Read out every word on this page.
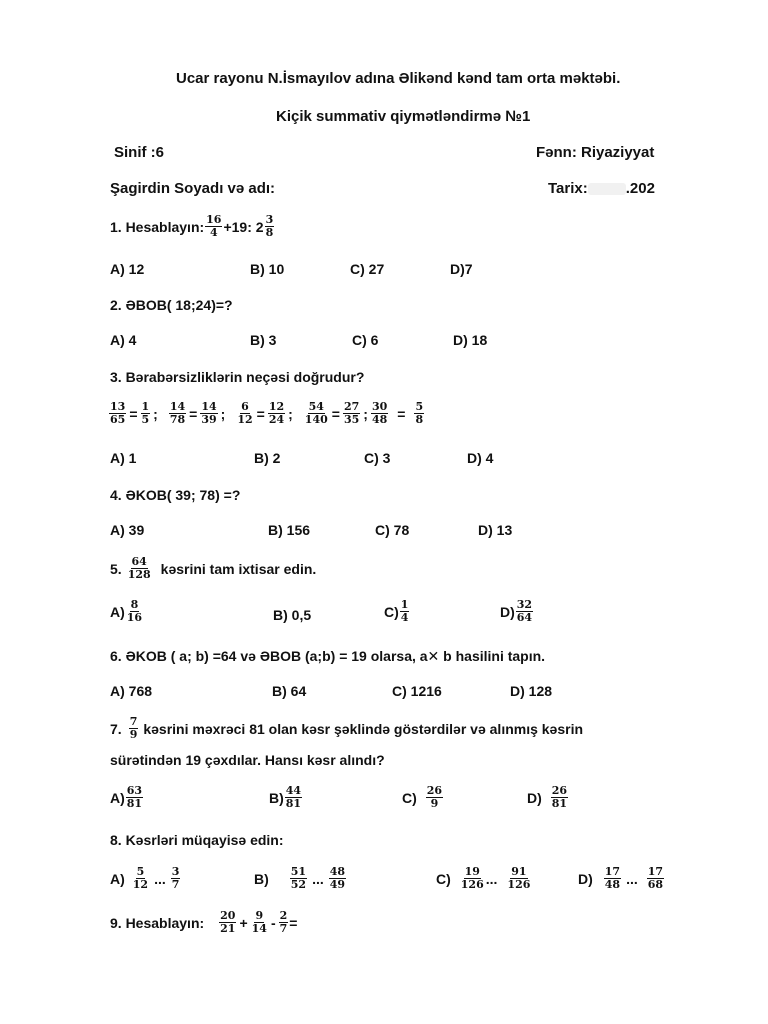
Ucar rayonu N.İsmayılov adına Əlikənd kənd tam orta məktəbi.
Kiçik summativ qiymətləndirmə №1
Sinif :6	Fənn: Riyaziyyat
Şagirdin Soyadı və adı:	Tarix:	.202
1. Hesablayın: $\frac{16}{4} +19$: $2 \frac{3}{8}$
A) 12	B) 10	C) 27	D)7
2. ƏBOB( 18;24)=?
A) 4	B) 3	C) 6	D) 18
3. Bərabərsizliklərin neçəsi doğrudur?
$\frac{13}{65} = \frac{1}{5}$ ; $\frac{14}{78} = \frac{14}{39}$ ; $\frac{6}{12} = \frac{12}{24}$ ; $\frac{54}{140} = \frac{27}{35}$ ; $\frac{30}{48} = \frac{5}{8}$
A) 1	B) 2	C) 3	D) 4
4. ƏKOB( 39; 78) =?
A) 39	B) 156	C) 78	D) 13
5. $\frac{64}{128}$ kəsrini tam ixtisar edin.
$A) \frac{8}{16}$	B) 0,5	$C) \frac{1}{4}$	$D) \frac{32}{64}$
6. ƏKOB ( a; b) =64 və ƏBOB (a;b) = 19 olarsa, a✕ b hasilini tapın.
A) 768	B) 64	C) 1216	D) 128
7. $\frac{7}{9}$ kəsrini məxrəci 81 olan kəsr şəklində göstərdilər və alınmış kəsrin
sürətindən 19 çəxdılar. Hansı kəsr alındı?
$A) \frac{63}{81}$	$B) \frac{44}{81}$	$C) \frac{26}{9}$	$D) \frac{26}{81}$
8. Kəsrləri müqayisə edin:
$A) \frac{5}{12}$ ... $\frac{3}{7}$	$B) \frac{51}{52}$ ... $\frac{48}{49}$	$C) \frac{19}{126}$ ... $\frac{91}{126}$	$D) \frac{17}{48}$ ... $\frac{17}{68}$
9. Hesablayın: $\frac{20}{21} + \frac{9}{14} - \frac{2}{7}$ =
